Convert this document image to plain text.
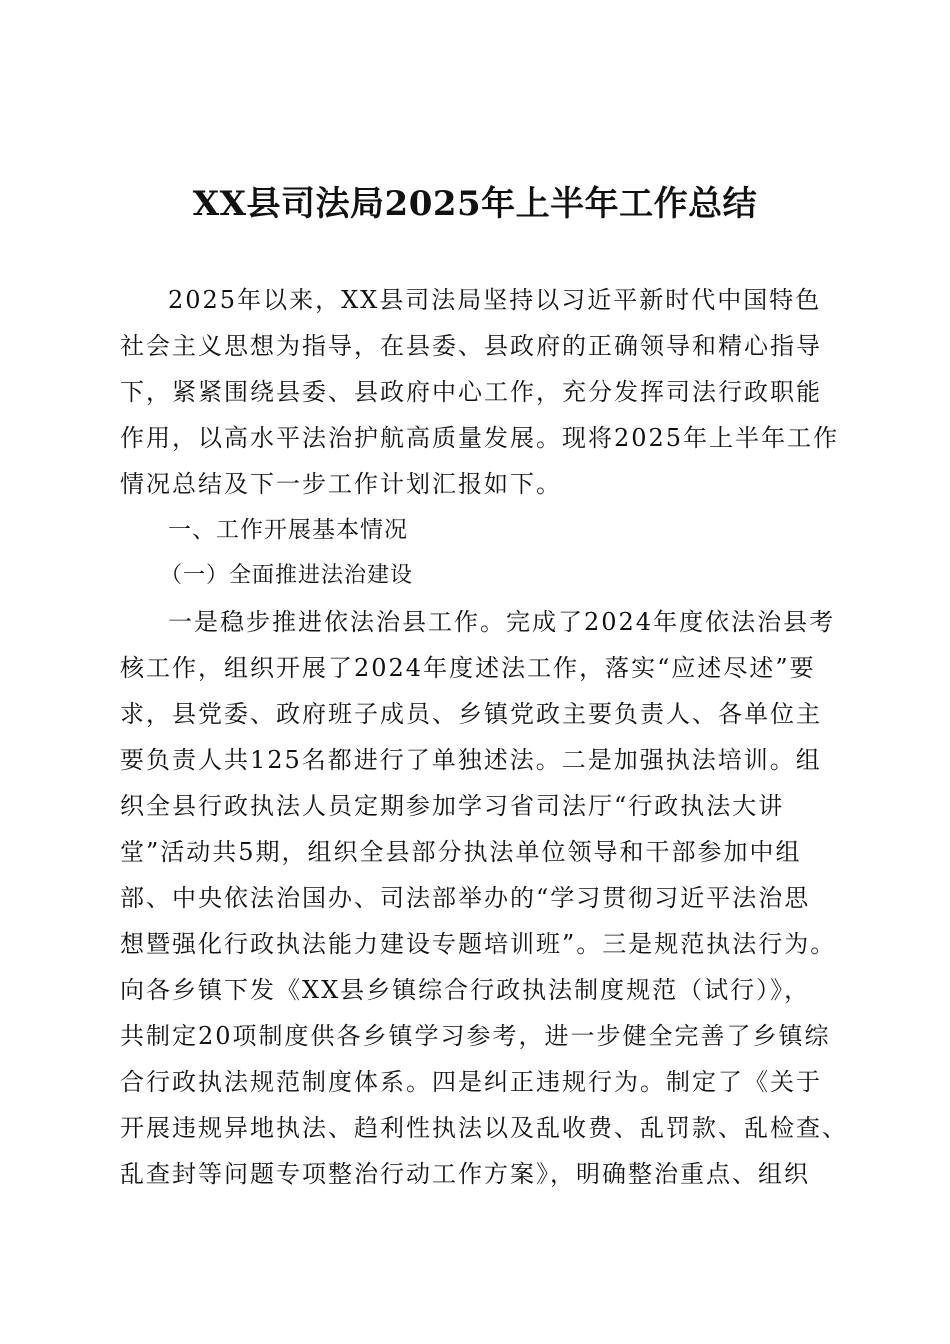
XX县司法局2025年上半年工作总结
2025年以来，XX县司法局坚持以习近平新时代中国特色
社会主义思想为指导，在县委、县政府的正确领导和精心指导
下，紧紧围绕县委、县政府中心工作，充分发挥司法行政职能
作用，以高水平法治护航高质量发展。现将2025年上半年工作
情况总结及下一步工作计划汇报如下。
一、工作开展基本情况
（一）全面推进法治建设
一是稳步推进依法治县工作。完成了2024年度依法治县考
核工作，组织开展了2024年度述法工作，落实“应述尽述”要
求，县党委、政府班子成员、乡镇党政主要负责人、各单位主
要负责人共125名都进行了单独述法。二是加强执法培训。组
织全县行政执法人员定期参加学习省司法厅“行政执法大讲
堂”活动共5期，组织全县部分执法单位领导和干部参加中组
部、中央依法治国办、司法部举办的“学习贯彻习近平法治思
想暨强化行政执法能力建设专题培训班”。三是规范执法行为。
向各乡镇下发《XX县乡镇综合行政执法制度规范（试行）》，
共制定20项制度供各乡镇学习参考，进一步健全完善了乡镇综
合行政执法规范制度体系。四是纠正违规行为。制定了《关于
开展违规异地执法、趋利性执法以及乱收费、乱罚款、乱检查、
乱查封等问题专项整治行动工作方案》，明确整治重点、组织
